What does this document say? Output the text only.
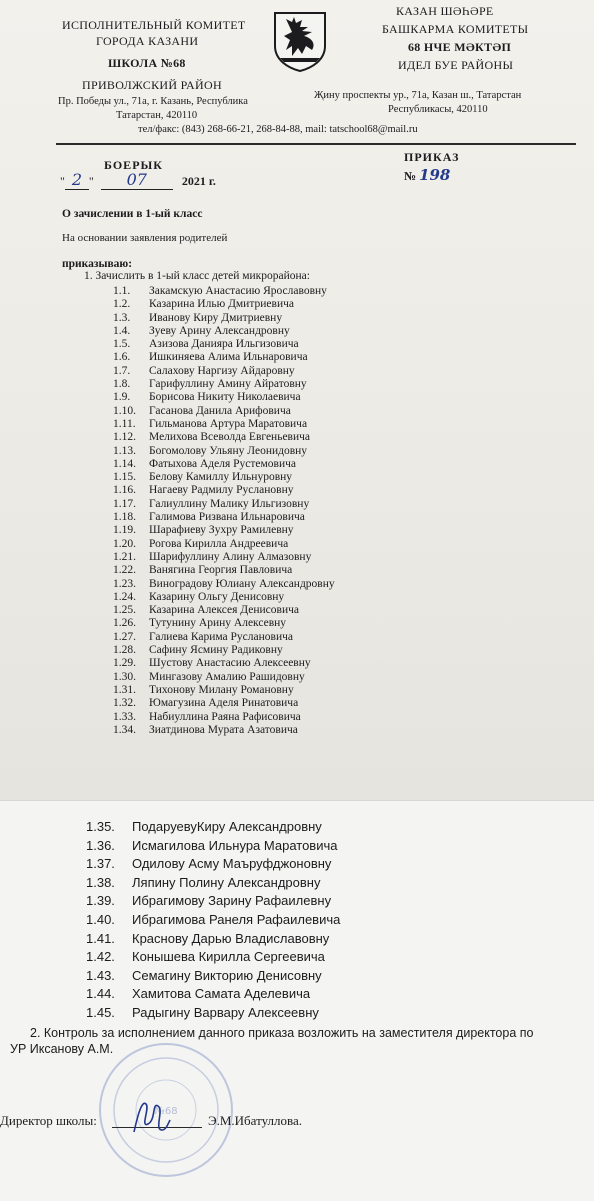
ИСПОЛНИТЕЛЬНЫЙ КОМИТЕТ
ГОРОДА КАЗАНИ
ШКОЛА №68
ПРИВОЛЖСКИЙ РАЙОН
Пр. Победы ул., 71а, г. Казань, Республика
Татарстан, 420110
КАЗАН ШӘҺӘРЕ
БАШКАРМА КОМИТЕТЫ
68 НЧЕ МӘКТӘП
ИДЕЛ БУЕ РАЙОНЫ
Җину проспекты ур., 71а, Казан ш., Татарстан
Республикасы, 420110
тел/факс: (843) 268-66-21, 268-84-88, mail: tatschool68@mail.ru
БОЕРЫК
ПРИКАЗ
" 2 " 07	2021 г.	№ 198
О зачислении в 1-ый класс
На основании заявления родителей
приказываю:
1. Зачислить в 1-ый класс детей микрорайона:
1.1.	Закамскую Анастасию Ярославовну
1.2.	Казарина Илью Дмитриевича
1.3.	Иванову Киру Дмитриевну
1.4.	Зуеву Арину Александровну
1.5.	Азизова Данияра Ильгизовича
1.6.	Ишкиняева Алима Ильнаровича
1.7.	Салахову Наргизу Айдаровну
1.8.	Гарифуллину Амину Айратовну
1.9.	Борисова Никиту Николаевича
1.10.	Гасанова Данила Арифовича
1.11.	Гильманова Артура Маратовича
1.12.	Мелихова Всеволда Евгеньевича
1.13.	Богомолову Ульяну Леонидовну
1.14.	Фатыхова Аделя Рустемовича
1.15.	Белову Камиллу Ильнуровну
1.16.	Нагаеву Радмилу Руслановну
1.17.	Галиуллину Малику Ильгизовну
1.18.	Галимова Ризвана Ильнаровича
1.19.	Шарафиеву Зухру Рамилевну
1.20.	Рогова Кирилла Андреевича
1.21.	Шарифуллину Алину Алмазовну
1.22.	Ванягина Георгия Павловича
1.23.	Виноградову Юлиану Александровну
1.24.	Казарину Ольгу Денисовну
1.25.	Казарина Алексея Денисовича
1.26.	Тутунину Арину Алексевну
1.27.	Галиева Карима Руслановича
1.28.	Сафину Ясмину Радиковну
1.29.	Шустову Анастасию Алексеевну
1.30.	Мингазову Амалию Рашидовну
1.31.	Тихонову Милану Романовну
1.32.	Юмагузина Аделя Ринатовича
1.33.	Набиуллина Раяна Рафисовича
1.34.	Зиатдинова Мурата Азатовича
1.35.	ПодаруевуКиру Александровну
1.36.	Исмагилова Ильнура Маратовича
1.37.	Одилову Асму Маъруфджоновну
1.38.	Ляпину Полину Александровну
1.39.	Ибрагимову Зарину Рафаилевну
1.40.	Ибрагимова Ранеля Рафаилевича
1.41.	Краснову Дарью Владиславовну
1.42.	Конышева Кирилла Сергеевича
1.43.	Семагину Викторию Денисовну
1.44.	Хамитова Самата Аделевича
1.45.	Радыгину Варвару Алексеевну
2. Контроль за исполнением данного приказа возложить на заместителя директора по
УР Иксанову А.М.
№68
Директор школы:	Э.М.Ибатуллова.
